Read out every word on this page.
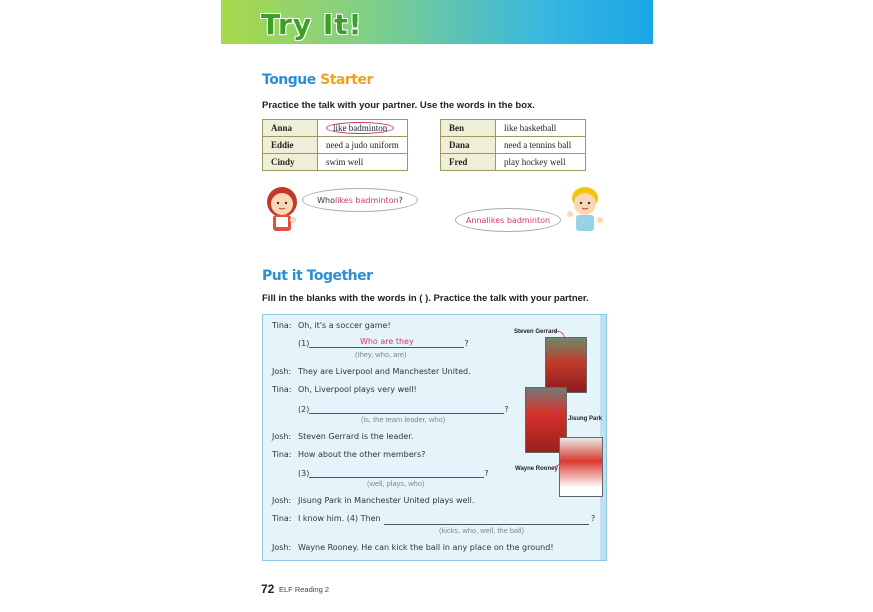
Try It!
Tongue Starter
Practice the talk with your partner. Use the words in the box.
Anna	like badminton
Eddie	need a judo uniform
Cindy	swim well
Ben	like basketball
Dana	need a tennins ball
Fred	play hockey well
Who likes badminton ?
Anna likes badminton
Put it Together
Fill in the blanks with the words in ( ). Practice the talk with your partner.
Tina: Oh, it's a soccer game!
(1)	Who are they	?
(they, who, are)
Josh: They are Liverpool and Manchester United.
Tina: Oh, Liverpool plays very well!
(2)	?
(is, the team leader, who)
Josh: Steven Gerrard is the leader.
Tina: How about the other members?
(3)	?
(well, plays, who)
Josh: Jisung Park in Manchester United plays well.
Tina: I know him. (4) Then	?
(kicks, who, well, the ball)
Josh: Wayne Rooney. He can kick the ball in any place on the ground!
Steven Gerrard
Jisung Park
Wayne Rooney
72 ELF Reading 2
